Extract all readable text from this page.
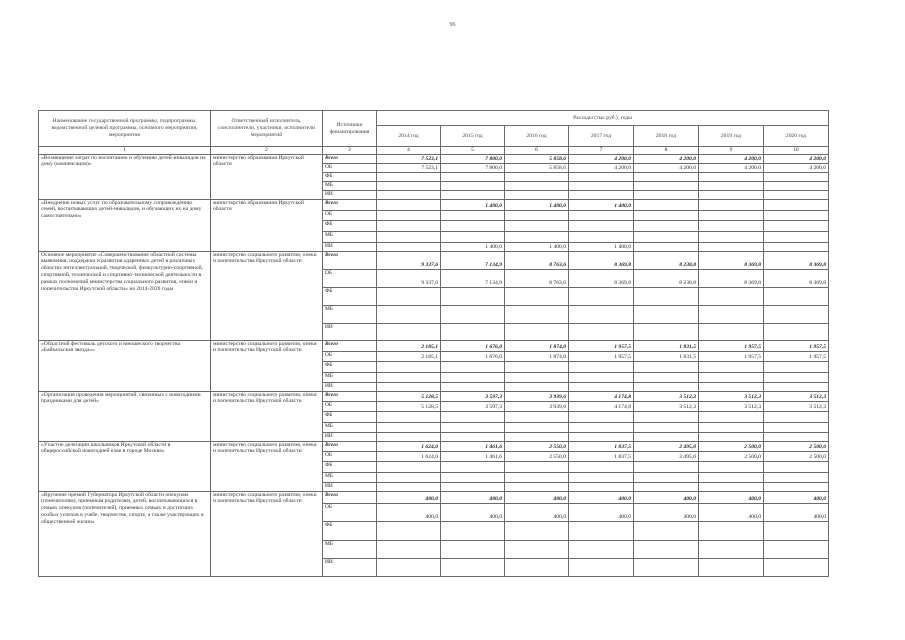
96
Наименование государственной программы, подпрограммы, ведомственной целевой программы, основного мероприятия, мероприятия	Ответственный исполнитель, соисполнители, участники, исполнители мероприятий	Источники финансирования	Расходы (тыс.руб.), годы						
			2014 год	2015 год	2016 год	2017 год	2018 год	2019 год	2020 год
1	2	3	4	5	6	7	8	9	10
«Возмещение затрат по воспитанию и обучению детей-инвалидов на дому (компенсация)»	министерство образования Иркутской области	Всего	7 523,1	7 800,0	5 858,6	4 200,0	4 200,0	4 200,0	4 200,0
		ОБ	7 523,1	7 800,0	5 858,6	4 200,0	4 200,0	4 200,0	4 200,0
		ФБ							
		МБ							
		ИИ							
«Внедрение новых услуг по образовательному сопровождению семей, воспитывающих детей-инвалидов, и обучающих их на дому самостоятельно»	министерство образования Иркутской области	Всего		1 400,0	1 400,0	1 400,0			
		ОБ							
		ФБ							
		МБ							
		ИИ		1 400,0	1 400,0	1 400,0			
Основное мероприятие «Совершенствование областной системы выявления, поддержки и развития одаренных детей в различных областях интеллектуальной, творческой, физкультурно-спортивной, спортивной, технической и спортивно-технической деятельности в рамках полномочий министерства социального развития, опеки и попечительства Иркутской области» на 2014-2020 годы	министерство социального развития, опеки и попечительства Иркутской области	Всего	9 337,6	7 134,9	8 763,6	8 369,8	8 238,8	8 369,8	8 369,8
		ОБ	9 337,6	7 134,9	8 763,6	8 369,8	8 238,8	8 369,8	8 369,8
		ФБ							
		МБ							
		ИИ							
«Областной фестиваль детского и юношеского творчества «Байкальская звезда»»	министерство социального развития, опеки и попечительства Иркутской области	Всего	2 185,1	1 676,0	1 874,0	1 957,5	1 831,5	1 957,5	1 957,5
		ОБ	2 185,1	1 676,0	1 874,0	1 957,5	1 831,5	1 957,5	1 957,5
		ФБ							
		МБ							
		ИИ							
«Организация проведения мероприятий, связанных с новогодними праздниками для детей»	министерство социального развития, опеки и попечительства Иркутской области	Всего	5 128,5	3 597,3	3 939,6	4 174,8	3 512,3	3 512,3	3 512,3
		ОБ	5 128,5	3 597,3	3 939,6	4 174,8	3 512,3	3 512,3	3 512,3
		ФБ							
		МБ							
		ИИ							
«Участие делегации школьников Иркутской области в общероссийской новогодней елке в городе Москве»	министерство социального развития, опеки и попечительства Иркутской области	Всего	1 624,0	1 461,6	2 550,0	1 837,5	2 495,0	2 500,0	2 500,0
		ОБ	1 624,0	1 461,6	2 550,0	1 837,5	2 495,0	2 500,0	2 500,0
		ФБ							
		МБ							
		ИИ							
«Вручение премий Губернатора Иркутской области опекунам (попечителям), приемным родителям, детей, воспитывающихся в семьях опекунов (попечителей), приемных семьях и достигших особых успехов в учебе, творчестве, спорте, а также участвующих в общественной жизни»	министерство социального развития, опеки и попечительства Иркутской области	Всего	400,0	400,0	400,0	400,0	400,0	400,0	400,0
		ОБ	400,0	400,0	400,0	400,0	400,0	400,0	400,0
		ФБ							
		МБ							
		ИИ							
